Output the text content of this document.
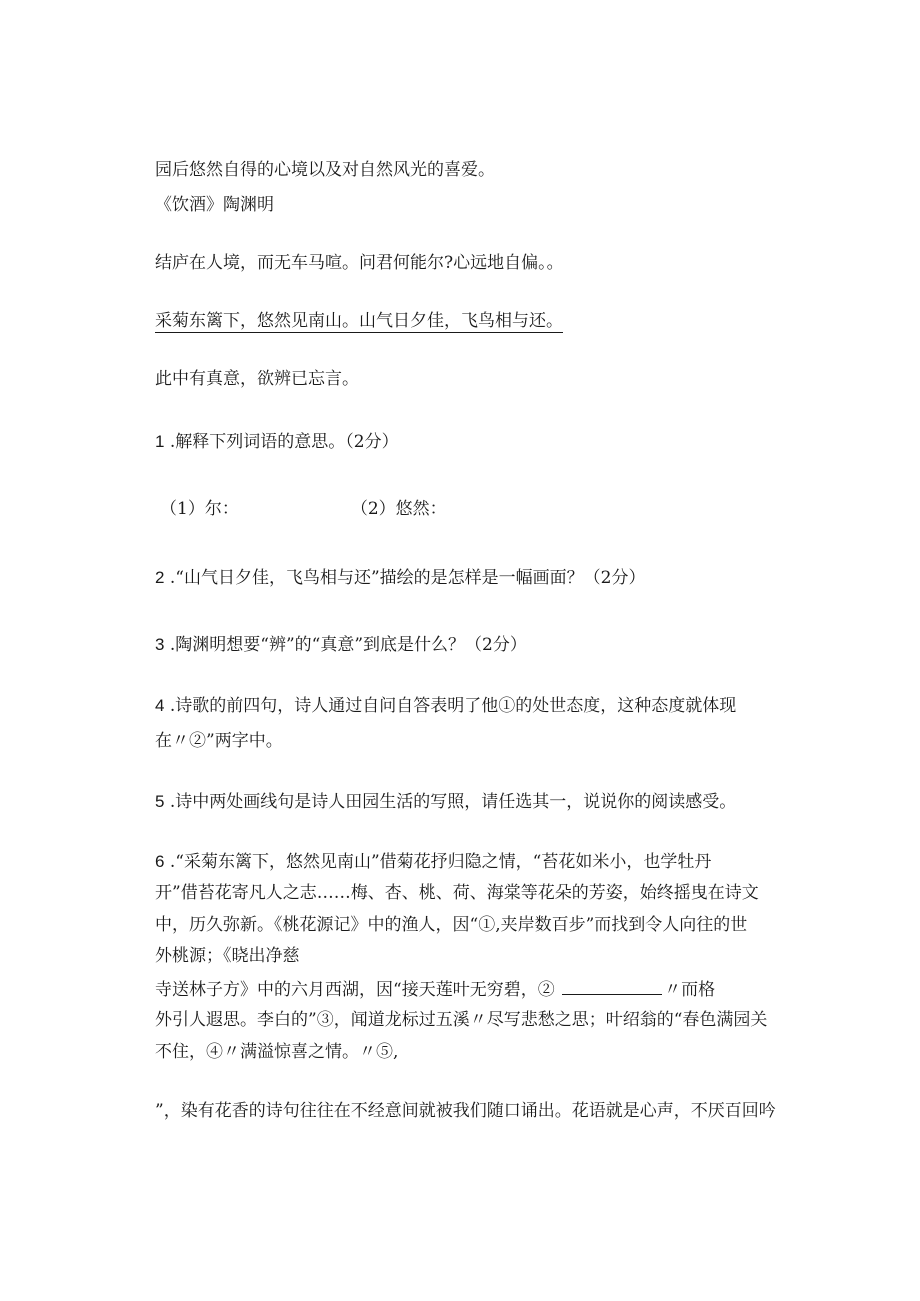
园后悠然自得的心境以及对自然风光的喜爱。

《饮酒》陶渊明

结庐在人境，而无车马喧。问君何能尔?心远地自偏。。

采菊东篱下，悠然见南山。山气日夕佳，飞鸟相与还。

此中有真意，欲辨已忘言。

1 .解释下列词语的意思。（2分）

（1）尔：	（2）悠然：

2 .“山气日夕佳，飞鸟相与还”描绘的是怎样是一幅画面？（2分）

3 .陶渊明想要“辨”的“真意”到底是什么？（2分）

4 .诗歌的前四句，诗人通过自问自答表明了他①的处世态度，这种态度就体现

在〃②”两字中。

5 .诗中两处画线句是诗人田园生活的写照，请任选其一，说说你的阅读感受。

6 .“采菊东篱下，悠然见南山”借菊花抒归隐之情，“苔花如米小，也学牡丹

开”借苔花寄凡人之志……梅、杏、桃、荷、海棠等花朵的芳姿，始终摇曳在诗文

中，历久弥新。《桃花源记》中的渔人，因“①,夹岸数百步”而找到令人向往的世

外桃源；《晓出净慈

寺送林子方》中的六月西湖，因“接天莲叶无穷碧，②	〃而格

外引人遐思。李白的”③，闻道龙标过五溪〃尽写悲愁之思；叶绍翁的“春色满园关

不住，④〃满溢惊喜之情。〃⑤,

”，染有花香的诗句往往在不经意间就被我们随口诵出。花语就是心声，不厌百回吟
